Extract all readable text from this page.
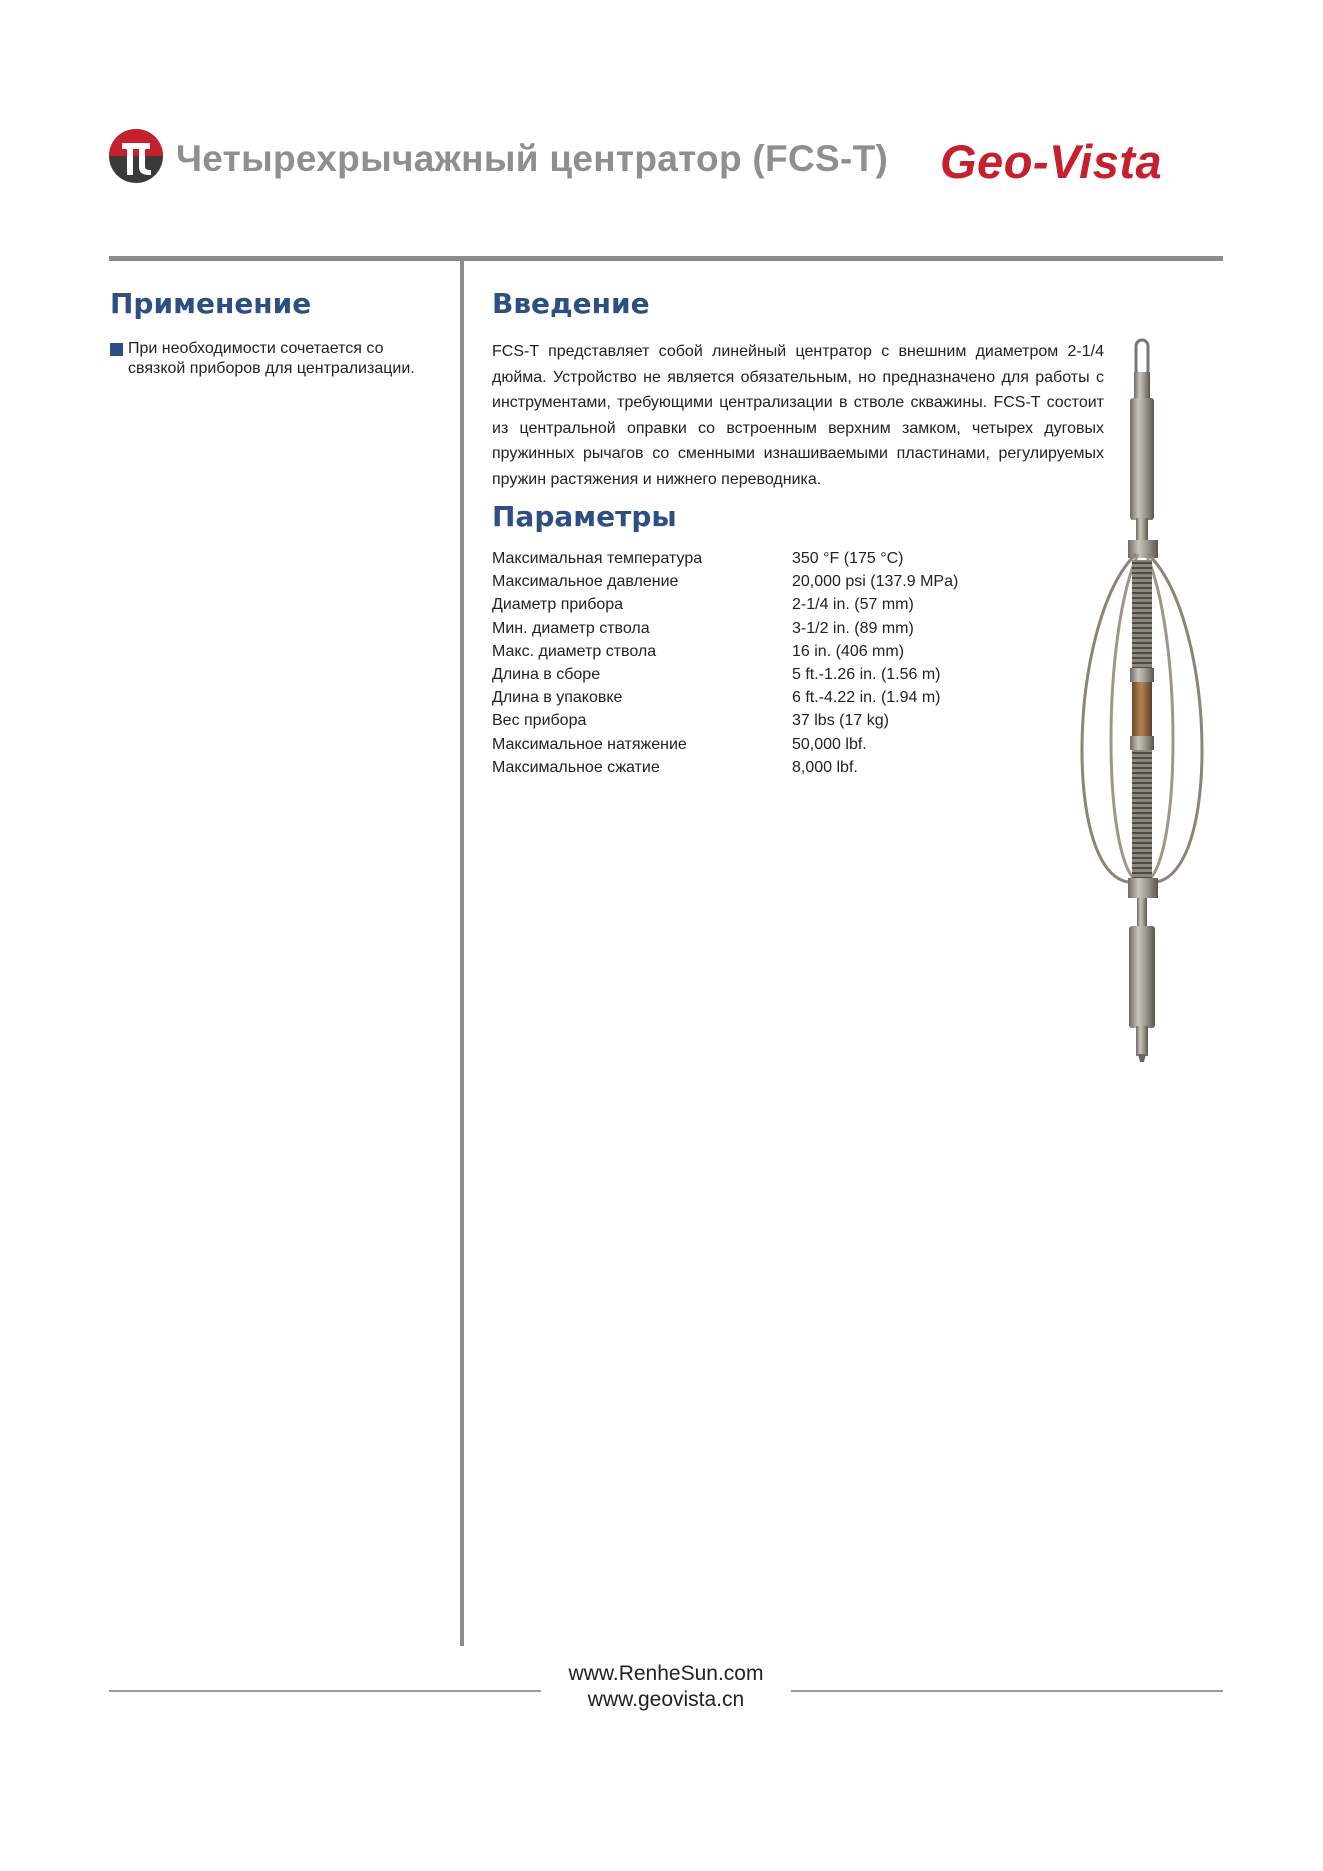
Четырехрычажный центратор (FCS-T) Geo-Vista
Применение
При необходимости сочетается со связкой приборов для централизации.
Введение
FCS-T представляет собой линейный центратор с внешним диаметром 2-1/4 дюйма. Устройство не является обязательным, но предназначено для работы с инструментами, требующими централизации в стволе скважины. FCS-T состоит из центральной оправки со встроенным верхним замком, четырех дуговых пружинных рычагов со сменными изнашиваемыми пластинами, регулируемых пружин растяжения и нижнего переводника.
Параметры
Максимальная температура	350 °F (175 °C)
Максимальное давление	20,000 psi (137.9 MPa)
Диаметр прибора	2-1/4 in. (57 mm)
Мин. диаметр ствола	3-1/2 in. (89 mm)
Макс. диаметр ствола	16 in. (406 mm)
Длина в сборе	5 ft.-1.26 in. (1.56 m)
Длина в упаковке	6 ft.-4.22 in. (1.94 m)
Вес прибора	37 lbs (17 kg)
Максимальное натяжение	50,000 lbf.
Максимальное сжатие	8,000 lbf.
www.RenheSun.com
www.geovista.cn
